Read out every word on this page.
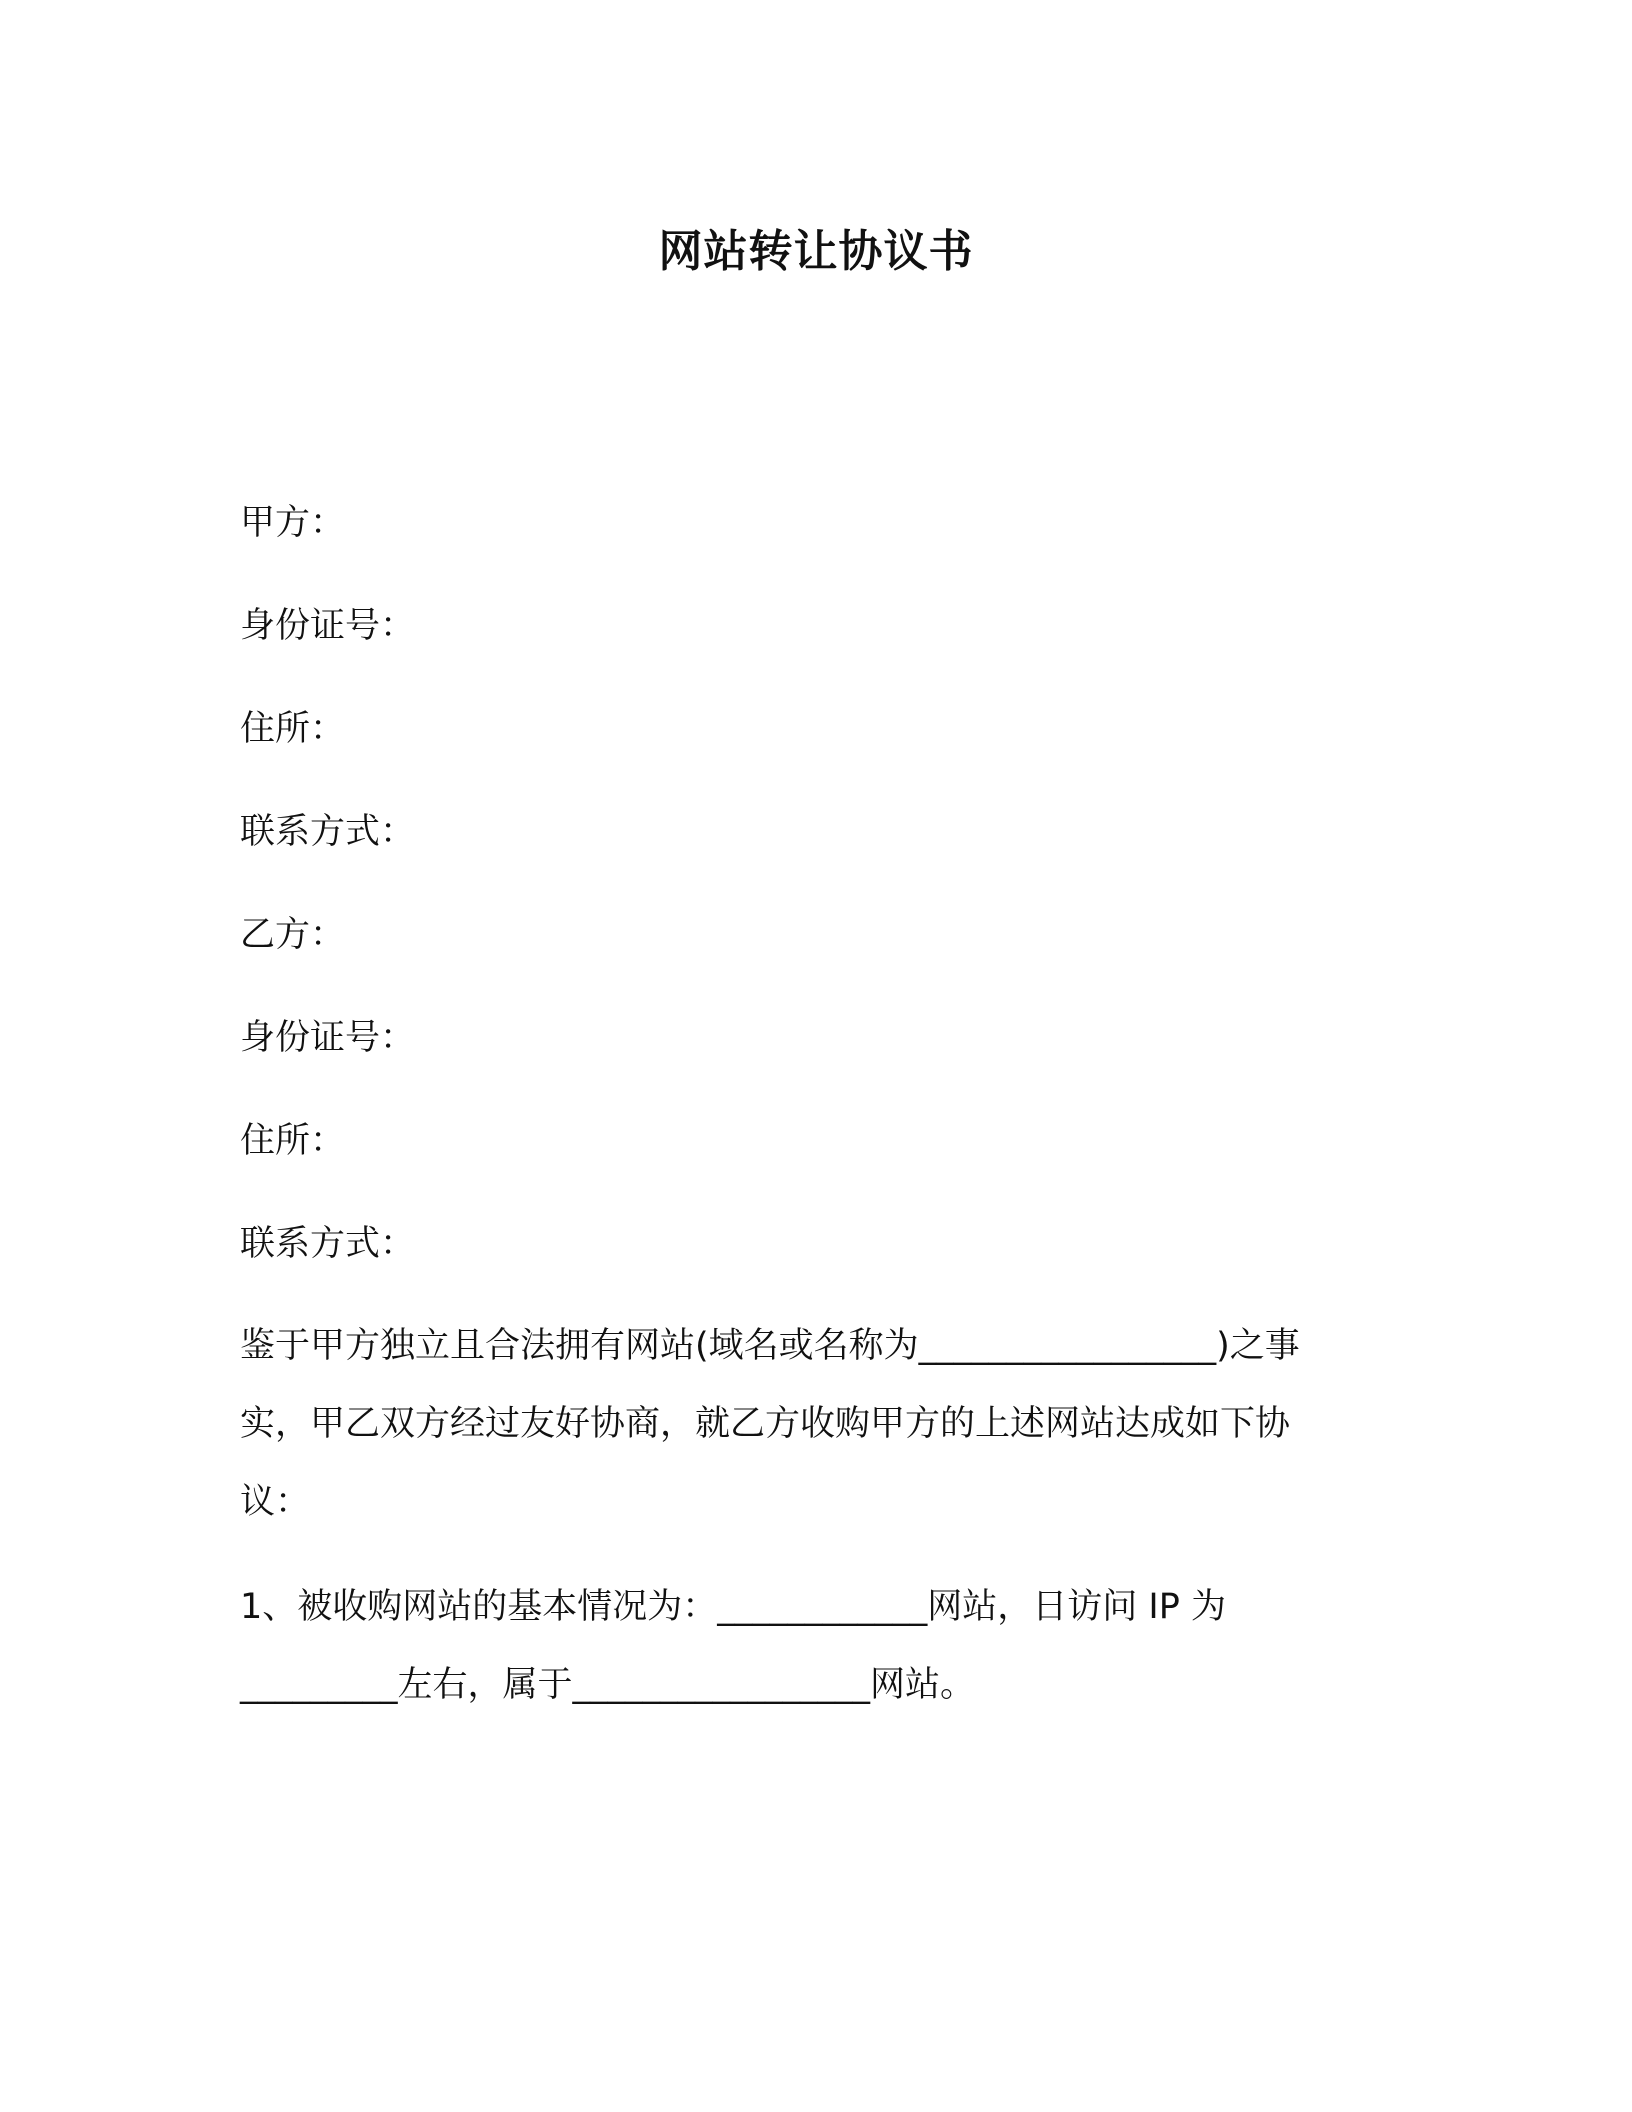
网站转让协议书
甲方：
身份证号：
住所：
联系方式：
乙方：
身份证号：
住所：
联系方式：
鉴于甲方独立且合法拥有网站(域名或名称为_________________)之事
实，甲乙双方经过友好协商，就乙方收购甲方的上述网站达成如下协
议：
1、被收购网站的基本情况为：____________网站，日访问 IP 为
_________左右，属于_________________网站。
